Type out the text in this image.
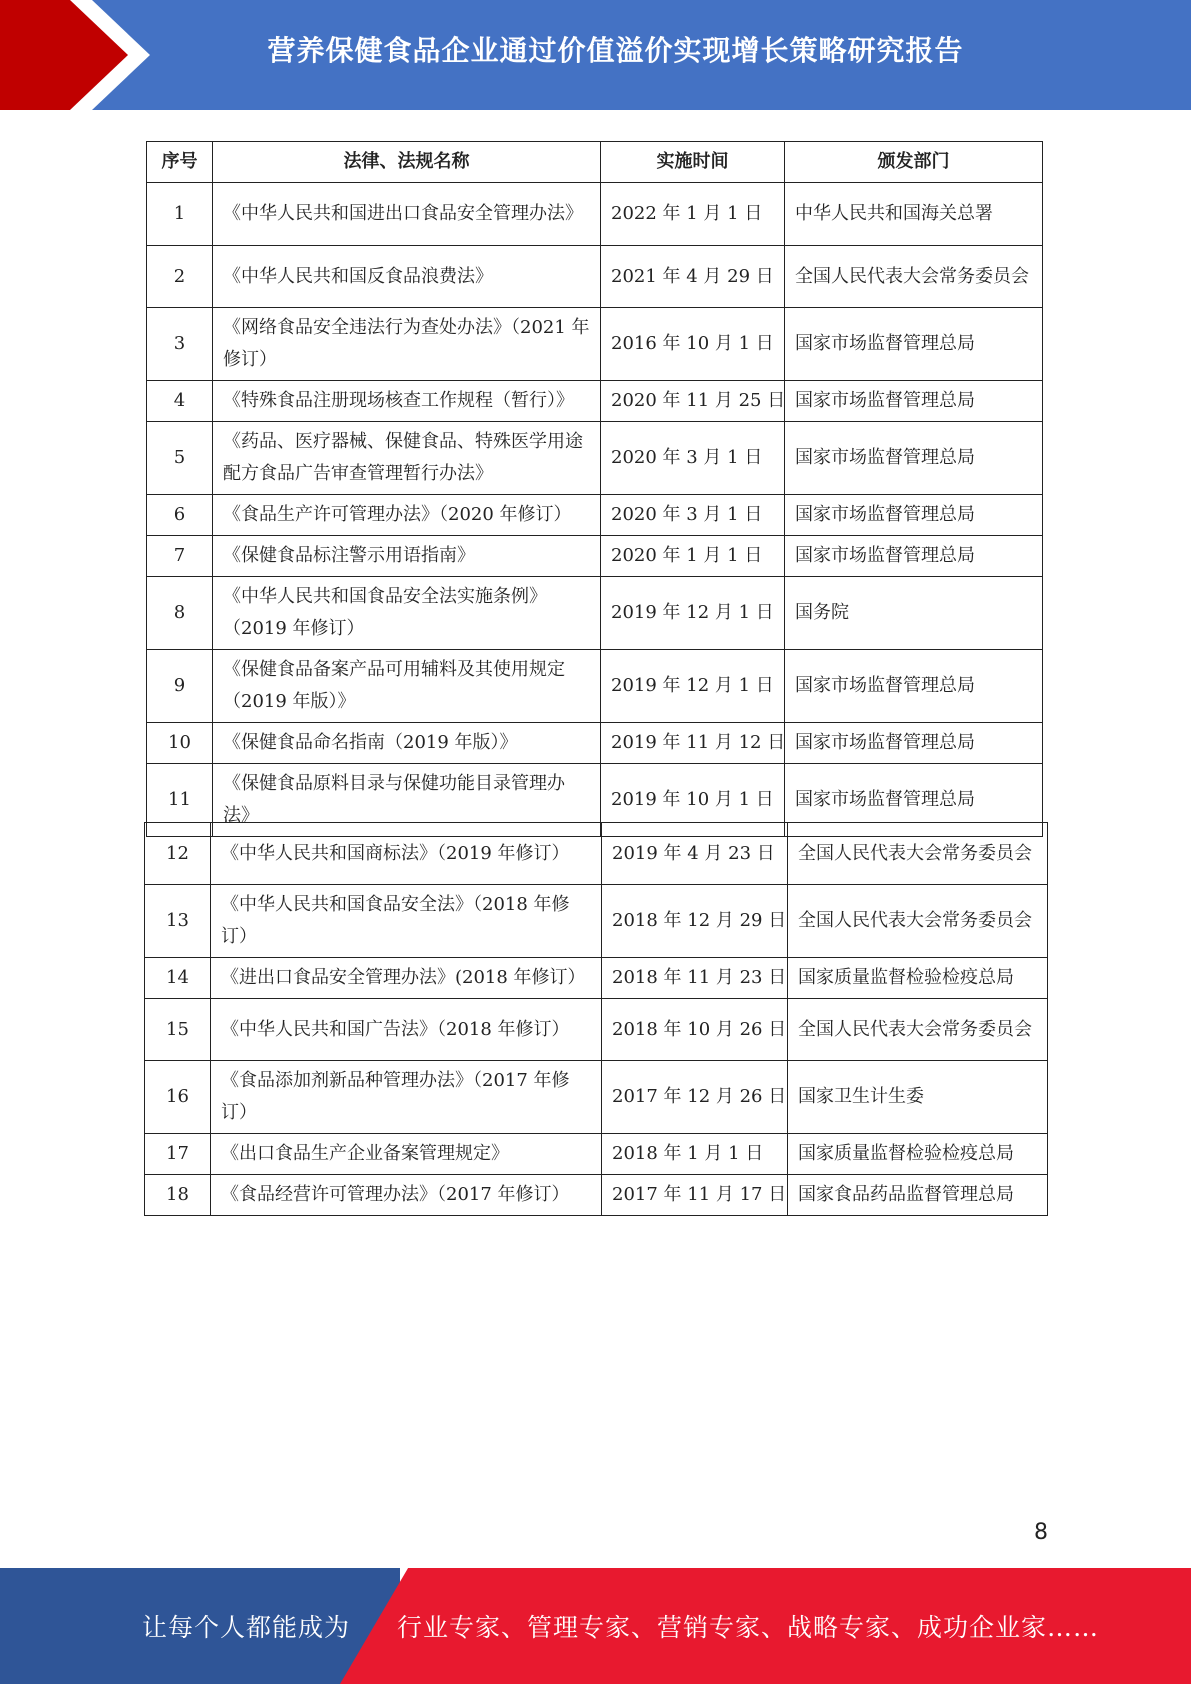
营养保健食品企业通过价值溢价实现增长策略研究报告
序号	法律、法规名称	实施时间	颁发部门
1	《中华人民共和国进出口食品安全管理办法》	2022 年 1 月 1 日	中华人民共和国海关总署
2	《中华人民共和国反食品浪费法》	2021 年 4 月 29 日	全国人民代表大会常务委员会
3	《网络食品安全违法行为查处办法》（2021 年修订）	2016 年 10 月 1 日	国家市场监督管理总局
4	《特殊食品注册现场核查工作规程（暂行）》	2020 年 11 月 25 日	国家市场监督管理总局
5	《药品、医疗器械、保健食品、特殊医学用途配方食品广告审查管理暂行办法》	2020 年 3 月 1 日	国家市场监督管理总局
6	《食品生产许可管理办法》（2020 年修订）	2020 年 3 月 1 日	国家市场监督管理总局
7	《保健食品标注警示用语指南》	2020 年 1 月 1 日	国家市场监督管理总局
8	《中华人民共和国食品安全法实施条例》（2019 年修订）	2019 年 12 月 1 日	国务院
9	《保健食品备案产品可用辅料及其使用规定（2019 年版）》	2019 年 12 月 1 日	国家市场监督管理总局
10	《保健食品命名指南（2019 年版）》	2019 年 11 月 12 日	国家市场监督管理总局
11	《保健食品原料目录与保健功能目录管理办法》	2019 年 10 月 1 日	国家市场监督管理总局
12	《中华人民共和国商标法》（2019 年修订）	2019 年 4 月 23 日	全国人民代表大会常务委员会
13	《中华人民共和国食品安全法》（2018 年修订）	2018 年 12 月 29 日	全国人民代表大会常务委员会
14	《进出口食品安全管理办法》(2018 年修订）	2018 年 11 月 23 日	国家质量监督检验检疫总局
15	《中华人民共和国广告法》（2018 年修订）	2018 年 10 月 26 日	全国人民代表大会常务委员会
16	《食品添加剂新品种管理办法》（2017 年修订）	2017 年 12 月 26 日	国家卫生计生委
17	《出口食品生产企业备案管理规定》	2018 年 1 月 1 日	国家质量监督检验检疫总局
18	《食品经营许可管理办法》（2017 年修订）	2017 年 11 月 17 日	国家食品药品监督管理总局
8
让每个人都能成为 行业专家、管理专家、营销专家、战略专家、成功企业家……
